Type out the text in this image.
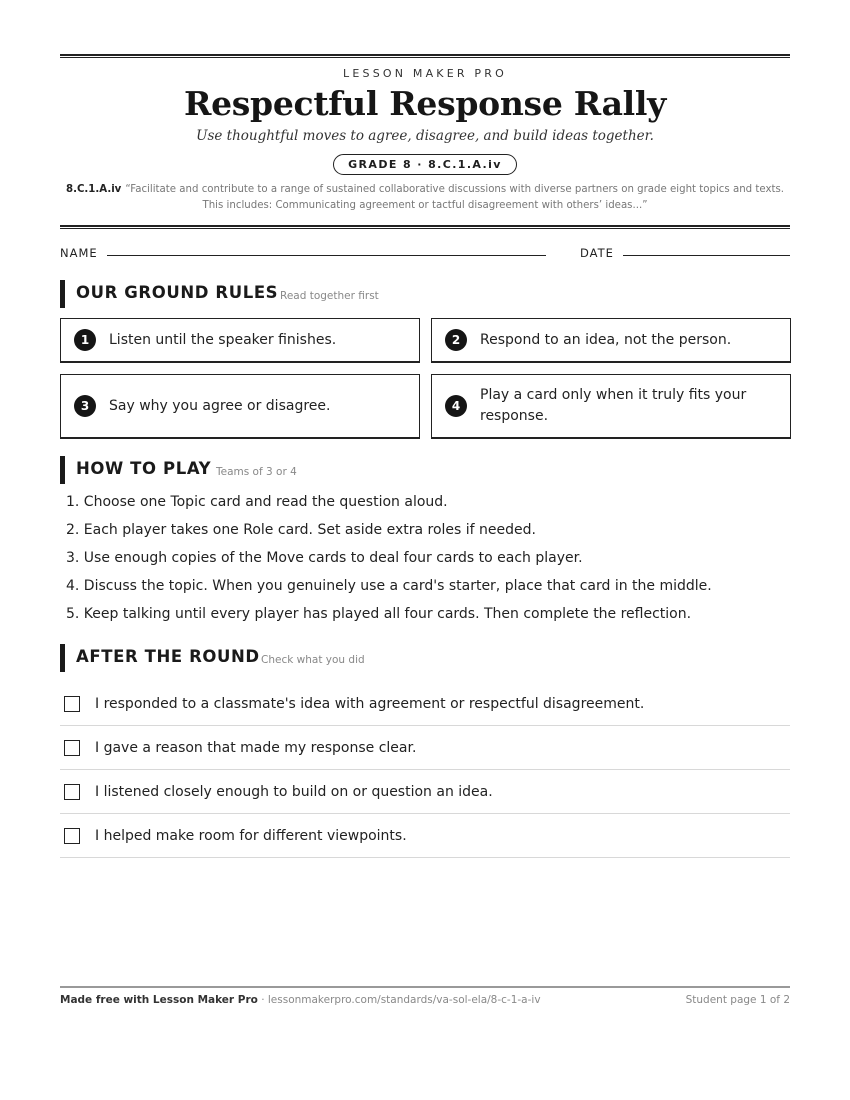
LESSON MAKER PRO
Respectful Response Rally
Use thoughtful moves to agree, disagree, and build ideas together.
GRADE 8 · 8.C.1.A.iv
8.C.1.A.iv “Facilitate and contribute to a range of sustained collaborative discussions with diverse partners on grade eight topics and texts. This includes: Communicating agreement or tactful disagreement with others’ ideas...”
NAME	DATE
OUR GROUND RULES Read together first
1	Listen until the speaker finishes.	2	Respond to an idea, not the person.
3	Say why you agree or disagree.	4
Play a card only when it truly fits your response.
HOW TO PLAY Teams of 3 or 4
1. Choose one Topic card and read the question aloud.
2. Each player takes one Role card. Set aside extra roles if needed.
3. Use enough copies of the Move cards to deal four cards to each player.
4. Discuss the topic. When you genuinely use a card's starter, place that card in the middle.
5. Keep talking until every player has played all four cards. Then complete the reflection.
AFTER THE ROUND Check what you did
I responded to a classmate's idea with agreement or respectful disagreement.
I gave a reason that made my response clear.
I listened closely enough to build on or question an idea.
I helped make room for different viewpoints.
Made free with Lesson Maker Pro · lessonmakerpro.com/standards/va-sol-ela/8-c-1-a-iv	Student page 1 of 2
